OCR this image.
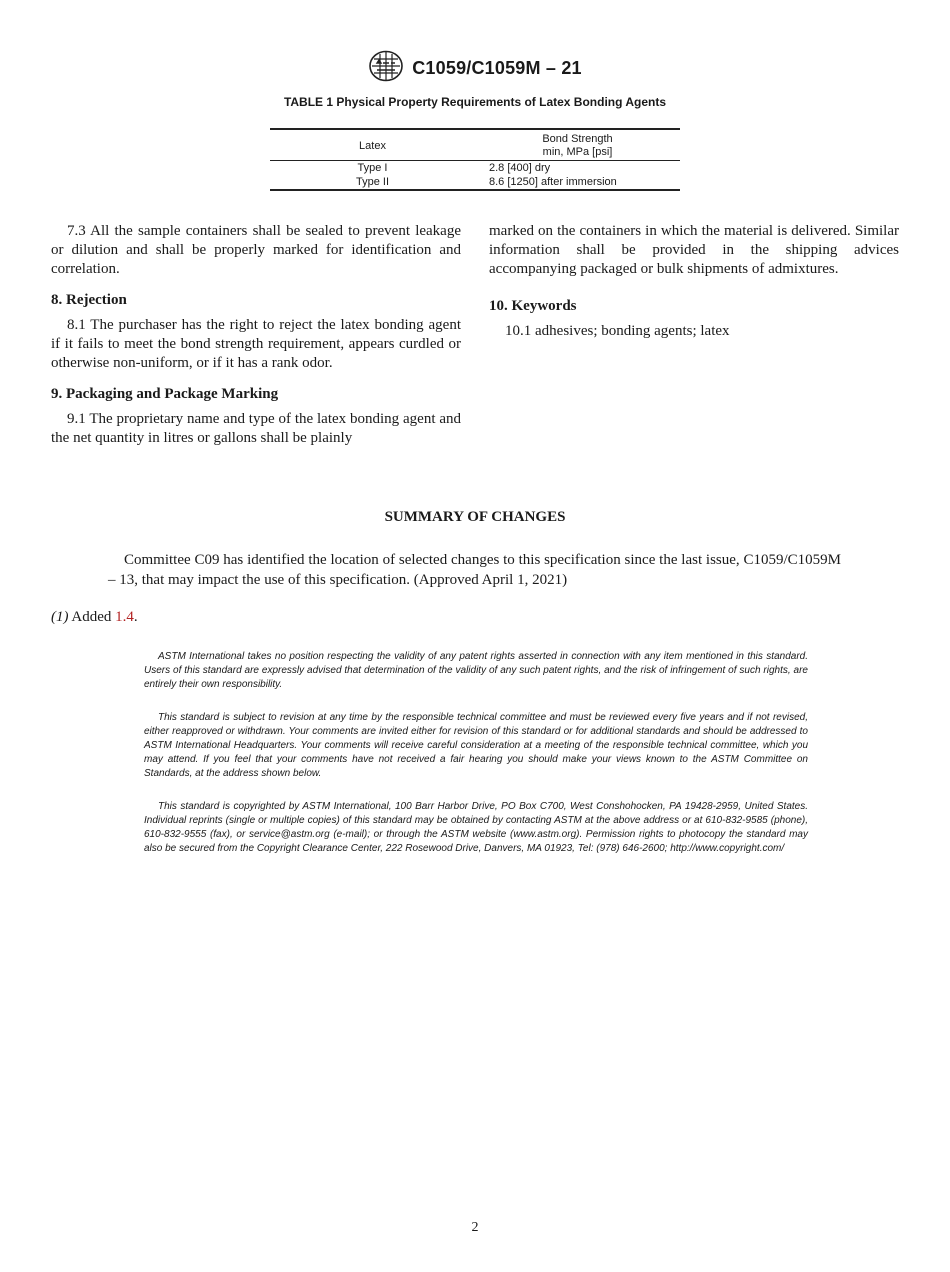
C1059/C1059M – 21
TABLE 1 Physical Property Requirements of Latex Bonding Agents
Latex	Bond Strength
min, MPa [psi]
Type I	2.8 [400] dry
Type II	8.6 [1250] after immersion

7.3 All the sample containers shall be sealed to prevent leakage or dilution and shall be properly marked for identification and correlation.

8. Rejection

8.1 The purchaser has the right to reject the latex bonding agent if it fails to meet the bond strength requirement, appears curdled or otherwise non-uniform, or if it has a rank odor.

9. Packaging and Package Marking

9.1 The proprietary name and type of the latex bonding agent and the net quantity in litres or gallons shall be plainly

marked on the containers in which the material is delivered. Similar information shall be provided in the shipping advices accompanying packaged or bulk shipments of admixtures.

10. Keywords

10.1 adhesives; bonding agents; latex

SUMMARY OF CHANGES
Committee C09 has identified the location of selected changes to this specification since the last issue, C1059/C1059M – 13, that may impact the use of this specification. (Approved April 1, 2021)
(1) Added 1.4.

ASTM International takes no position respecting the validity of any patent rights asserted in connection with any item mentioned in this standard. Users of this standard are expressly advised that determination of the validity of any such patent rights, and the risk of infringement of such rights, are entirely their own responsibility.

This standard is subject to revision at any time by the responsible technical committee and must be reviewed every five years and if not revised, either reapproved or withdrawn. Your comments are invited either for revision of this standard or for additional standards and should be addressed to ASTM International Headquarters. Your comments will receive careful consideration at a meeting of the responsible technical committee, which you may attend. If you feel that your comments have not received a fair hearing you should make your views known to the ASTM Committee on Standards, at the address shown below.

This standard is copyrighted by ASTM International, 100 Barr Harbor Drive, PO Box C700, West Conshohocken, PA 19428-2959, United States. Individual reprints (single or multiple copies) of this standard may be obtained by contacting ASTM at the above address or at 610-832-9585 (phone), 610-832-9555 (fax), or service@astm.org (e-mail); or through the ASTM website (www.astm.org). Permission rights to photocopy the standard may also be secured from the Copyright Clearance Center, 222 Rosewood Drive, Danvers, MA 01923, Tel: (978) 646-2600; http://www.copyright.com/

2
